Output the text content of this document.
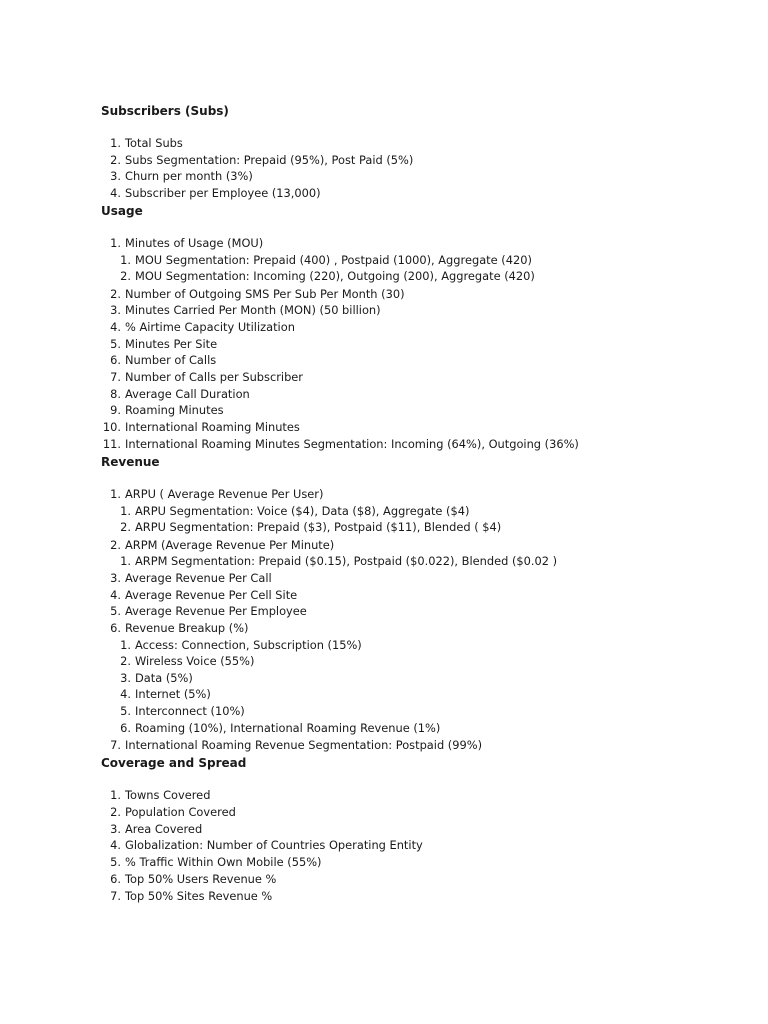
Subscribers (Subs)
1. Total Subs
2. Subs Segmentation: Prepaid (95%), Post Paid (5%)
3. Churn per month (3%)
4. Subscriber per Employee (13,000)
Usage
1. Minutes of Usage (MOU)
1. MOU Segmentation: Prepaid (400) , Postpaid (1000), Aggregate (420)
2. MOU Segmentation: Incoming (220), Outgoing (200), Aggregate (420)
2. Number of Outgoing SMS Per Sub Per Month (30)
3. Minutes Carried Per Month (MON) (50 billion)
4. % Airtime Capacity Utilization
5. Minutes Per Site
6. Number of Calls
7. Number of Calls per Subscriber
8. Average Call Duration
9. Roaming Minutes
10. International Roaming Minutes
11. International Roaming Minutes Segmentation: Incoming (64%), Outgoing (36%)
Revenue
1. ARPU ( Average Revenue Per User)
1. ARPU Segmentation: Voice ($4), Data ($8), Aggregate ($4)
2. ARPU Segmentation: Prepaid ($3), Postpaid ($11), Blended ( $4)
2. ARPM (Average Revenue Per Minute)
1. ARPM Segmentation: Prepaid ($0.15), Postpaid ($0.022), Blended ($0.02 )
3. Average Revenue Per Call
4. Average Revenue Per Cell Site
5. Average Revenue Per Employee
6. Revenue Breakup (%)
1. Access: Connection, Subscription (15%)
2. Wireless Voice (55%)
3. Data (5%)
4. Internet (5%)
5. Interconnect (10%)
6. Roaming (10%), International Roaming Revenue (1%)
7. International Roaming Revenue Segmentation: Postpaid (99%)
Coverage and Spread
1. Towns Covered
2. Population Covered
3. Area Covered
4. Globalization: Number of Countries Operating Entity
5. % Traffic Within Own Mobile (55%)
6. Top 50% Users Revenue %
7. Top 50% Sites Revenue %
